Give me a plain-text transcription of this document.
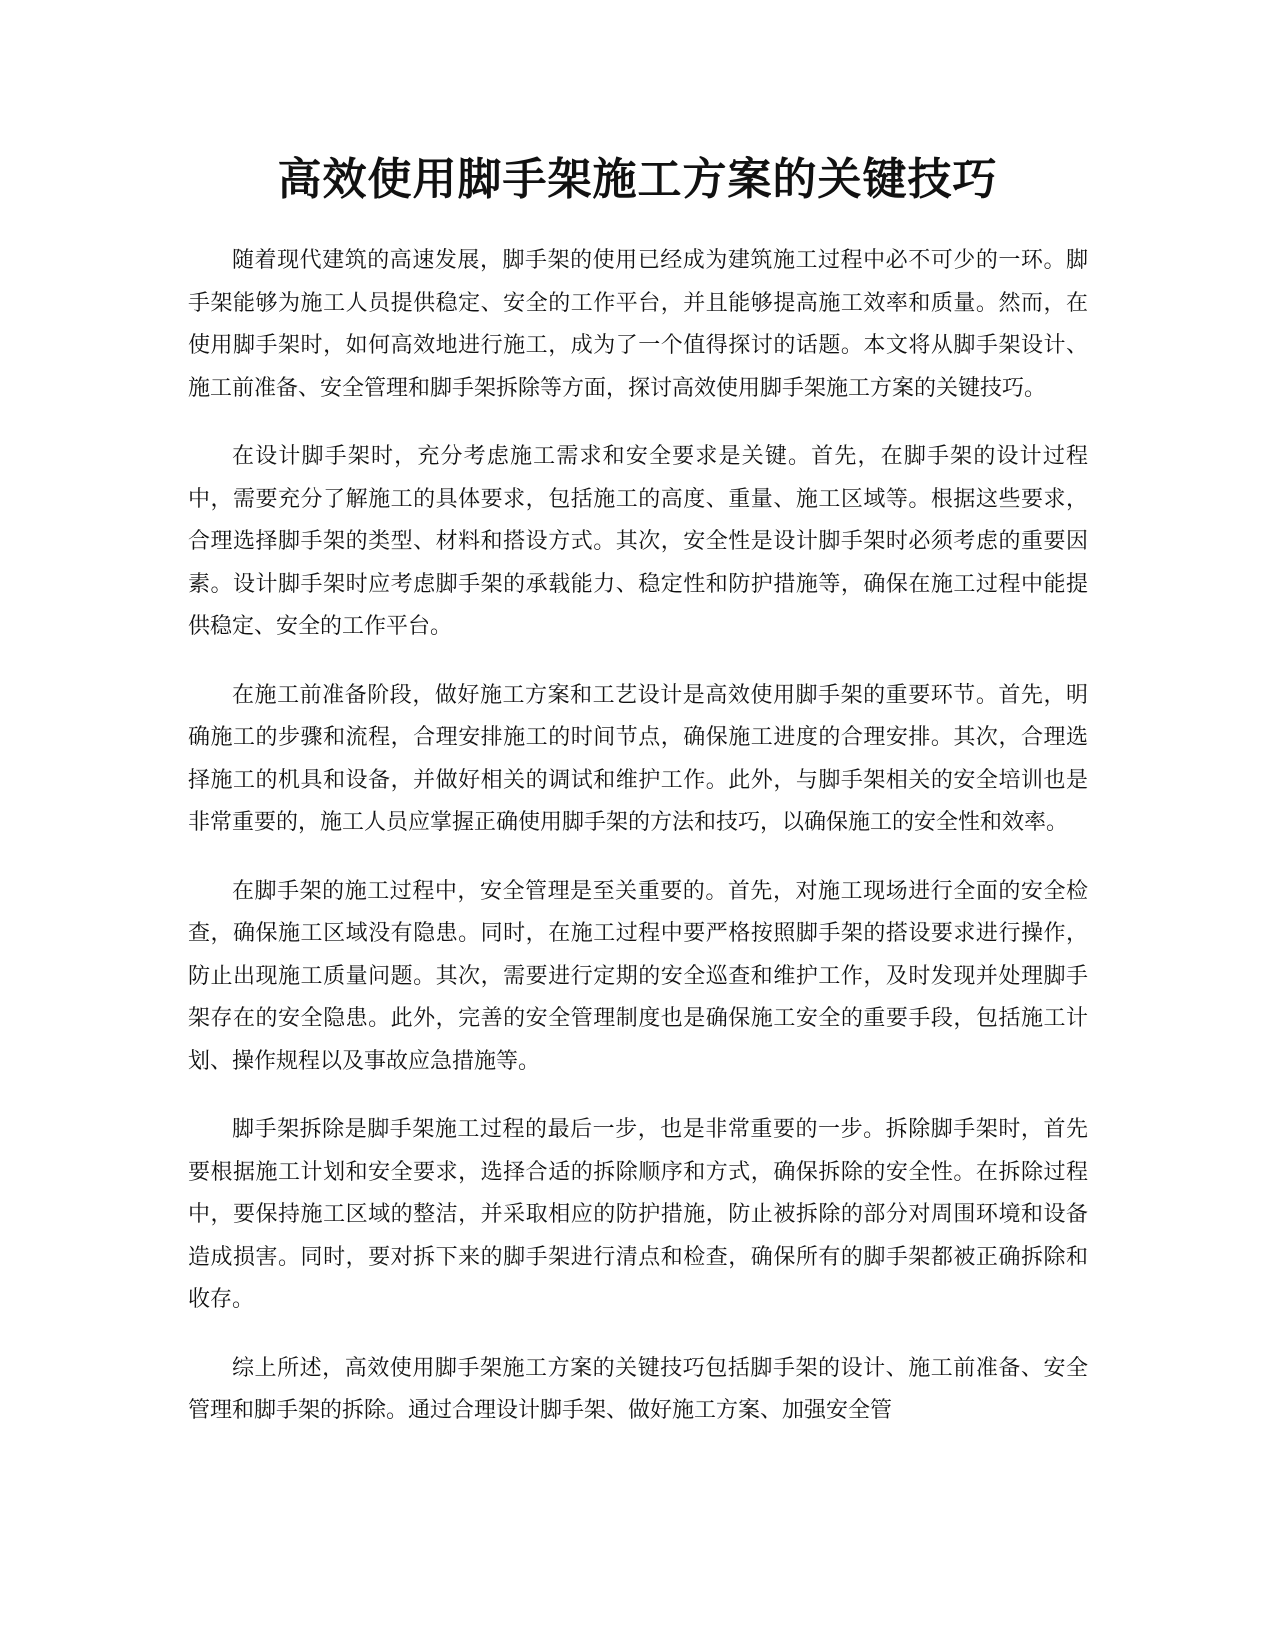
高效使用脚手架施工方案的关键技巧

随着现代建筑的高速发展，脚手架的使用已经成为建筑施工过程中必不可少的一环。脚手架能够为施工人员提供稳定、安全的工作平台，并且能够提高施工效率和质量。然而，在使用脚手架时，如何高效地进行施工，成为了一个值得探讨的话题。本文将从脚手架设计、施工前准备、安全管理和脚手架拆除等方面，探讨高效使用脚手架施工方案的关键技巧。

在设计脚手架时，充分考虑施工需求和安全要求是关键。首先，在脚手架的设计过程中，需要充分了解施工的具体要求，包括施工的高度、重量、施工区域等。根据这些要求，合理选择脚手架的类型、材料和搭设方式。其次，安全性是设计脚手架时必须考虑的重要因素。设计脚手架时应考虑脚手架的承载能力、稳定性和防护措施等，确保在施工过程中能提供稳定、安全的工作平台。

在施工前准备阶段，做好施工方案和工艺设计是高效使用脚手架的重要环节。首先，明确施工的步骤和流程，合理安排施工的时间节点，确保施工进度的合理安排。其次，合理选择施工的机具和设备，并做好相关的调试和维护工作。此外，与脚手架相关的安全培训也是非常重要的，施工人员应掌握正确使用脚手架的方法和技巧，以确保施工的安全性和效率。

在脚手架的施工过程中，安全管理是至关重要的。首先，对施工现场进行全面的安全检查，确保施工区域没有隐患。同时，在施工过程中要严格按照脚手架的搭设要求进行操作，防止出现施工质量问题。其次，需要进行定期的安全巡查和维护工作，及时发现并处理脚手架存在的安全隐患。此外，完善的安全管理制度也是确保施工安全的重要手段，包括施工计划、操作规程以及事故应急措施等。

脚手架拆除是脚手架施工过程的最后一步，也是非常重要的一步。拆除脚手架时，首先要根据施工计划和安全要求，选择合适的拆除顺序和方式，确保拆除的安全性。在拆除过程中，要保持施工区域的整洁，并采取相应的防护措施，防止被拆除的部分对周围环境和设备造成损害。同时，要对拆下来的脚手架进行清点和检查，确保所有的脚手架都被正确拆除和收存。

综上所述，高效使用脚手架施工方案的关键技巧包括脚手架的设计、施工前准备、安全管理和脚手架的拆除。通过合理设计脚手架、做好施工方案、加强安全管
